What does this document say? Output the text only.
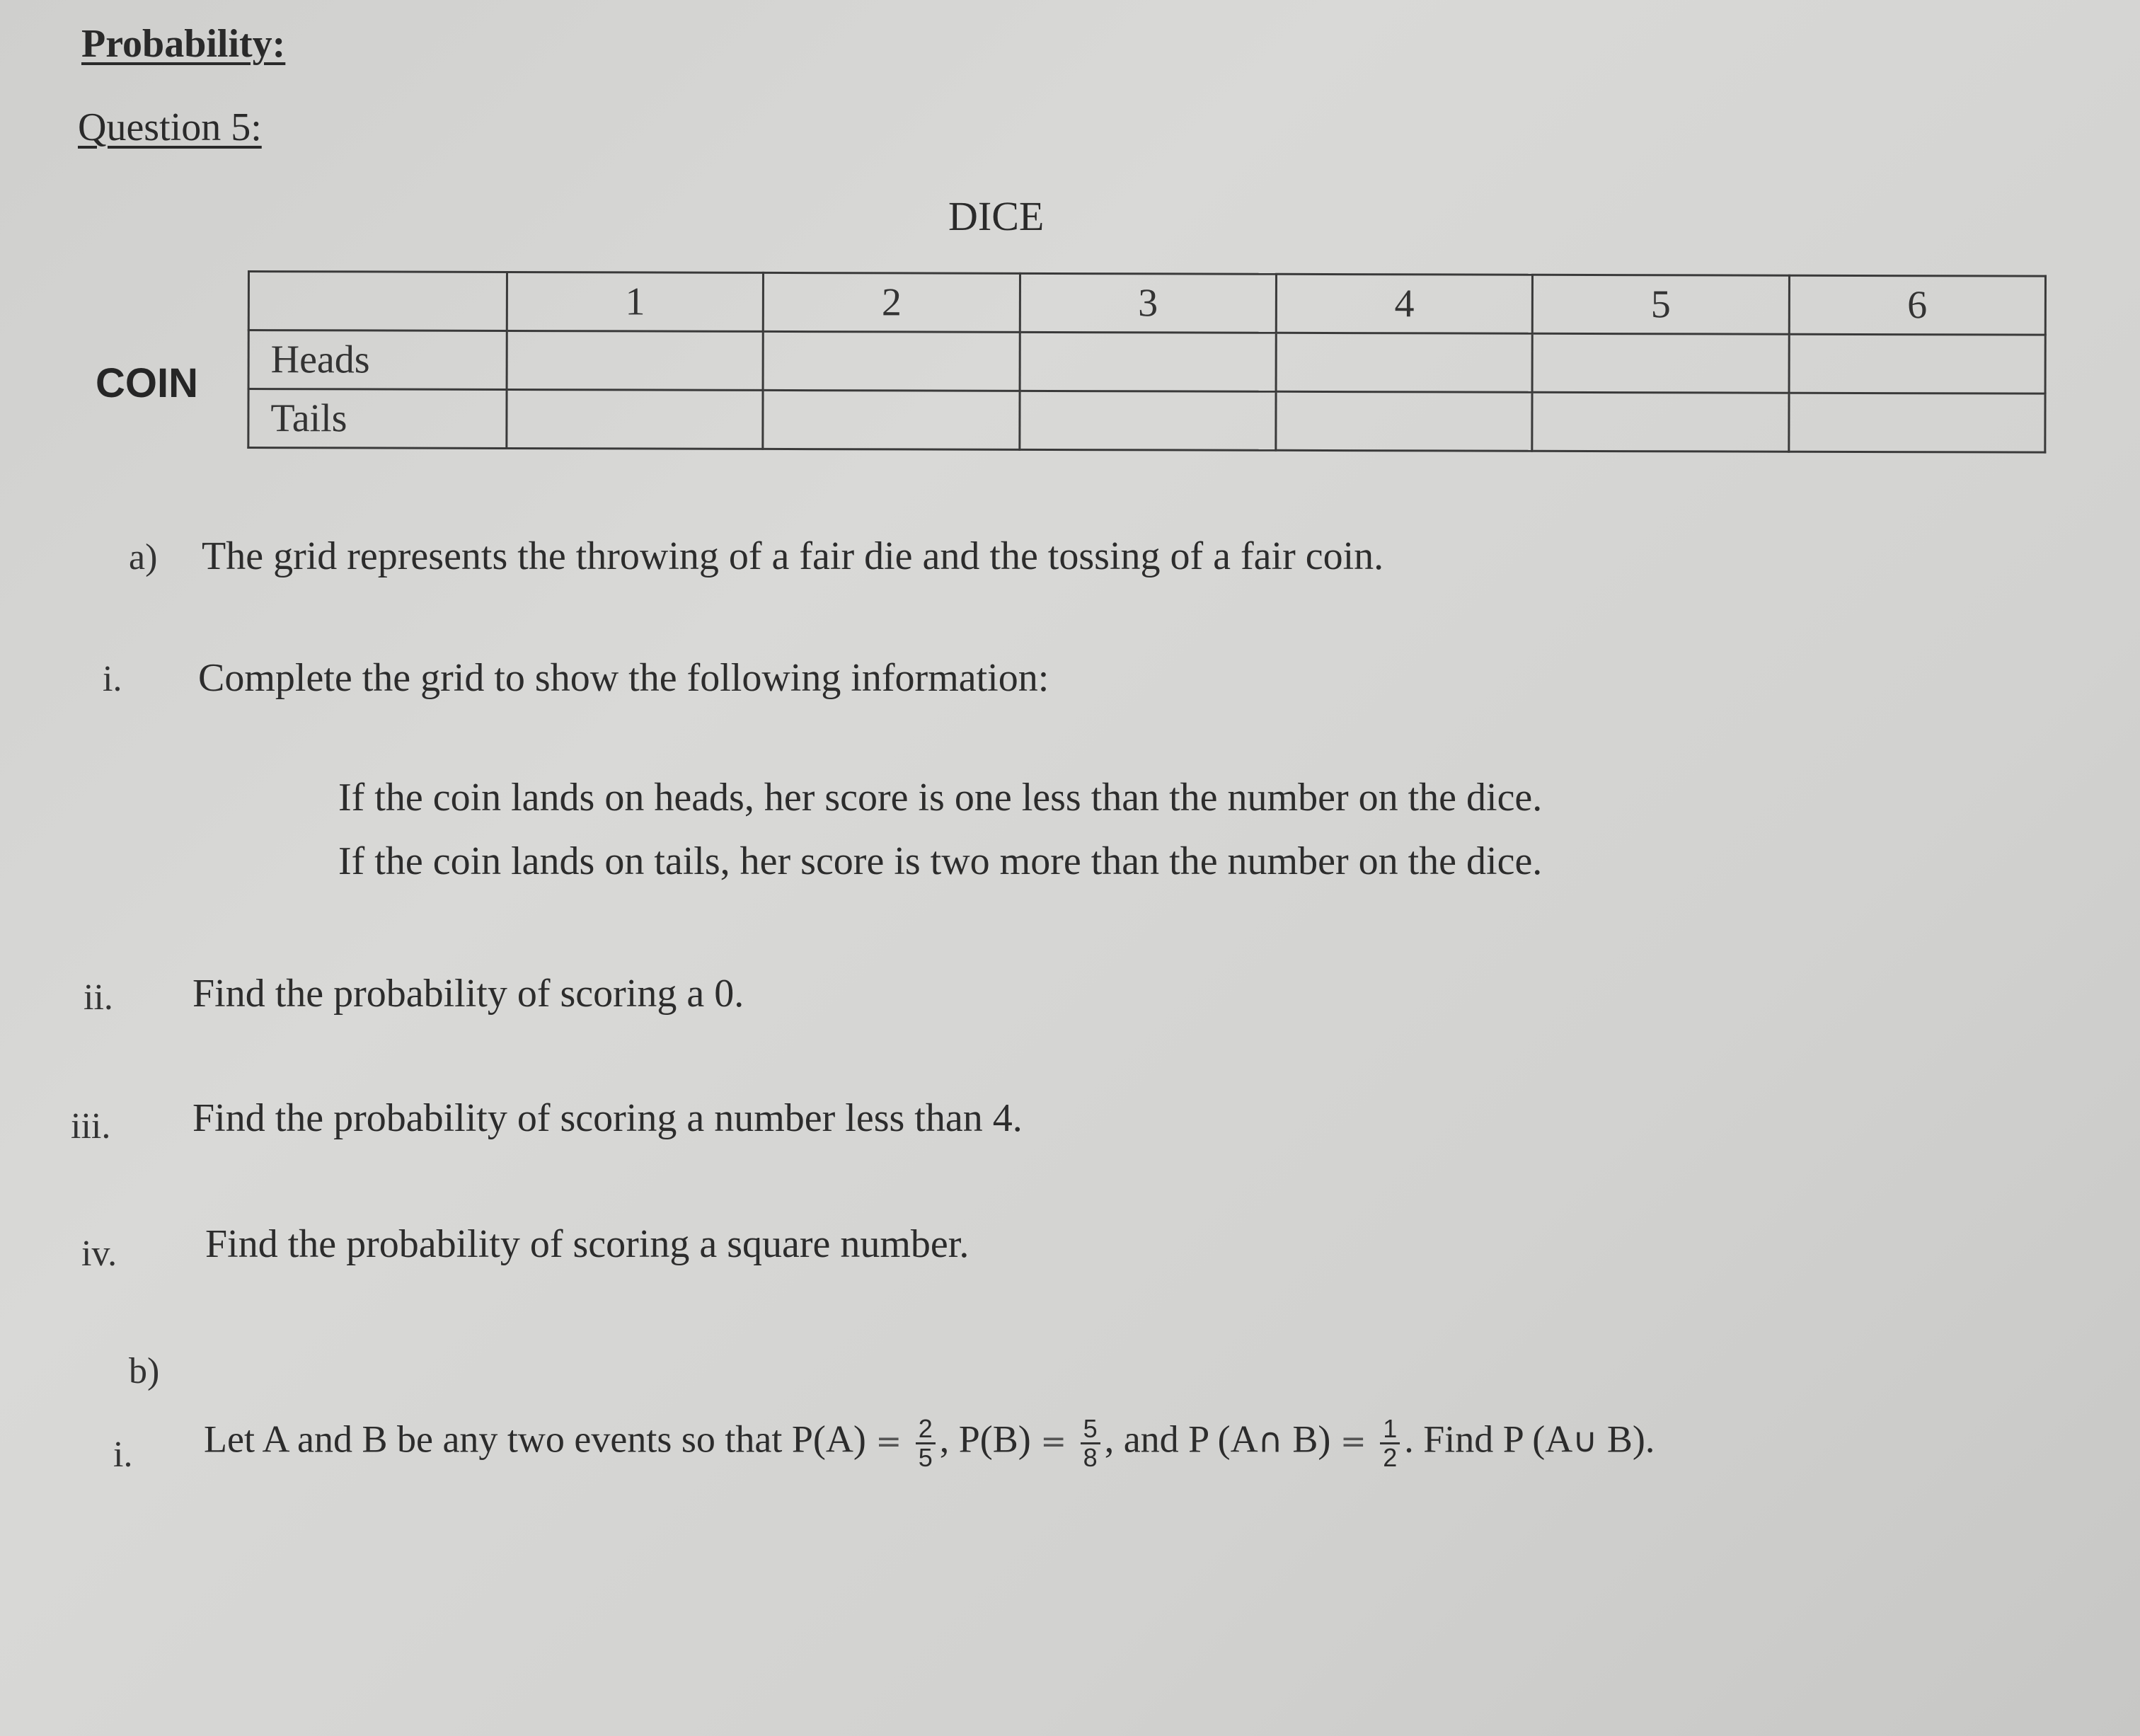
Probability:
Question 5:
DICE
COIN
	1	2	3	4	5	6
Heads						
Tails						
a) The grid represents the throwing of a fair die and the tossing of a fair coin.
i. Complete the grid to show the following information:
If the coin lands on heads, her score is one less than the number on the dice.
If the coin lands on tails, her score is two more than the number on the dice.
ii. Find the probability of scoring a 0.
iii. Find the probability of scoring a number less than 4.
iv. Find the probability of scoring a square number.
b)
i. Let A and B be any two events so that $P(A) = \frac{2}{5}$ , $P(B) = \frac{5}{8}$ , and P (A∩ $B) = \frac{1}{2}$ . Find P (A∪ B).
